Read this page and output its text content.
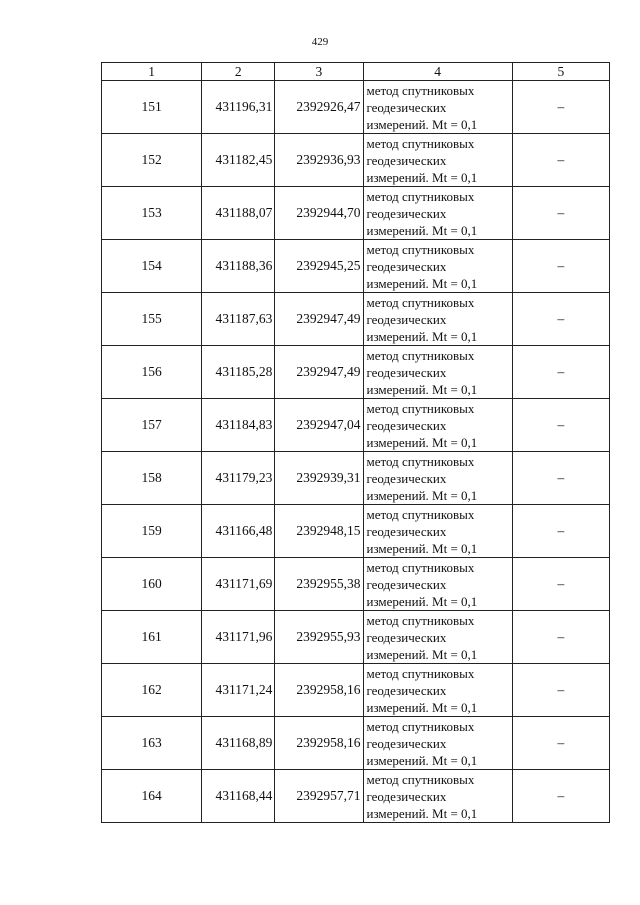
429
1	2	3	4	5
151	431196,31	2392926,47	метод спутниковых
геодезических
измерений. Mt = 0,1	–
152	431182,45	2392936,93	метод спутниковых
геодезических
измерений. Mt = 0,1	–
153	431188,07	2392944,70	метод спутниковых
геодезических
измерений. Mt = 0,1	–
154	431188,36	2392945,25	метод спутниковых
геодезических
измерений. Mt = 0,1	–
155	431187,63	2392947,49	метод спутниковых
геодезических
измерений. Mt = 0,1	–
156	431185,28	2392947,49	метод спутниковых
геодезических
измерений. Mt = 0,1	–
157	431184,83	2392947,04	метод спутниковых
геодезических
измерений. Mt = 0,1	–
158	431179,23	2392939,31	метод спутниковых
геодезических
измерений. Mt = 0,1	–
159	431166,48	2392948,15	метод спутниковых
геодезических
измерений. Mt = 0,1	–
160	431171,69	2392955,38	метод спутниковых
геодезических
измерений. Mt = 0,1	–
161	431171,96	2392955,93	метод спутниковых
геодезических
измерений. Mt = 0,1	–
162	431171,24	2392958,16	метод спутниковых
геодезических
измерений. Mt = 0,1	–
163	431168,89	2392958,16	метод спутниковых
геодезических
измерений. Mt = 0,1	–
164	431168,44	2392957,71	метод спутниковых
геодезических
измерений. Mt = 0,1	–
